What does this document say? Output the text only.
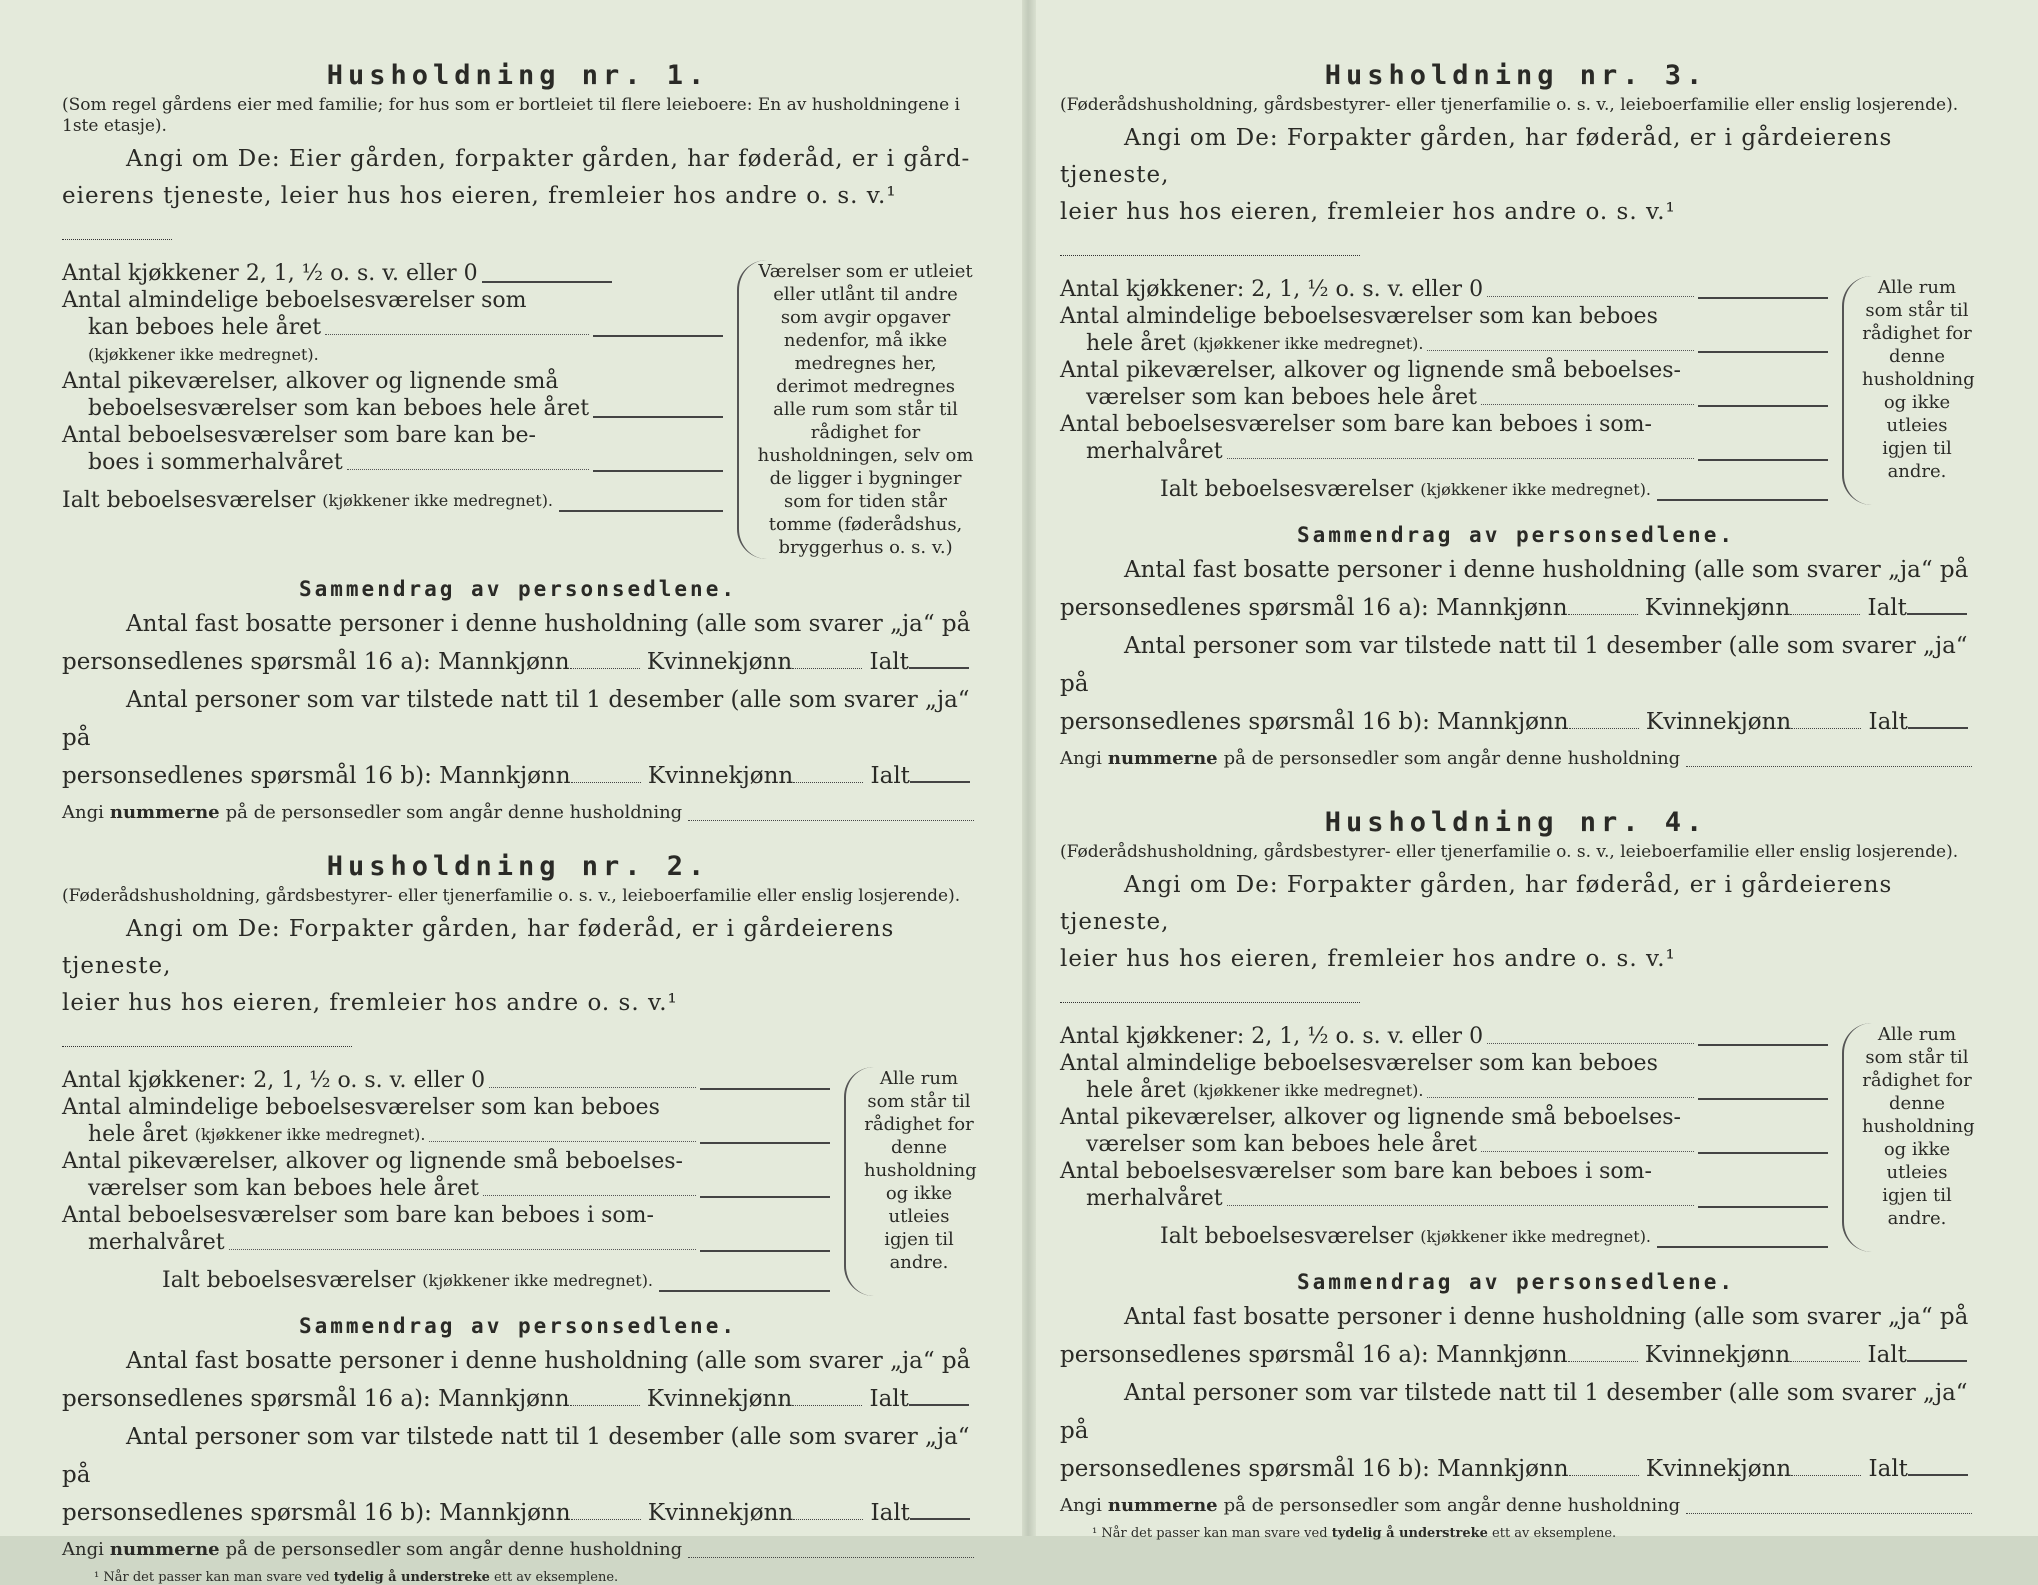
Husholdning nr. 1.

(Som regel gårdens eier med familie; for hus som er bortleiet til flere leieboere: En av husholdningene i 1ste etasje).

Angi om De: Eier gården, forpakter gården, har føderåd, er i gård-
eierens tjeneste, leier hus hos eieren, fremleier hos andre o. s. v.¹

Antal kjøkkener 2, 1, ½ o. s. v. eller 0
Antal almindelige beboelsesværelser som
kan beboes hele året
(kjøkkener ikke medregnet).
Antal pikeværelser, alkover og lignende små
beboelsesværelser som kan beboes hele året
Antal beboelsesværelser som bare kan be-
boes i sommerhalvåret
Ialt beboelsesværelser
(kjøkkener ikke medregnet).
Værelser som er utleiet eller utlånt til andre som avgir opgaver nedenfor, må ikke medregnes her, derimot medregnes alle rum som står til rådighet for husholdningen, selv om de ligger i bygninger som for tiden står tomme (føderådshus, bryggerhus o. s. v.)

Sammendrag av personsedlene.

Antal fast bosatte personer i denne husholdning (alle som svarer „ja“ på
personsedlenes spørsmål 16 a): Mannkjønn	Kvinnekjønn	Ialt

Antal personer som var tilstede natt til 1 desember (alle som svarer „ja“ på
personsedlenes spørsmål 16 b): Mannkjønn	Kvinnekjønn	Ialt

Angi nummerne på de personsedler som angår denne husholdning

Husholdning nr. 2.

(Føderådshusholdning, gårdsbestyrer- eller tjenerfamilie o. s. v., leieboerfamilie eller enslig losjerende).

Angi om De: Forpakter gården, har føderåd, er i gårdeierens tjeneste,
leier hus hos eieren, fremleier hos andre o. s. v.¹

Antal kjøkkener: 2, 1, ½ o. s. v. eller 0
Antal almindelige beboelsesværelser som kan beboes
hele året
(kjøkkener ikke medregnet).
Antal pikeværelser, alkover og lignende små beboelses-
værelser som kan beboes hele året
Antal beboelsesværelser som bare kan beboes i som-
merhalvåret
Ialt beboelsesværelser
(kjøkkener ikke medregnet).
Alle rum som står til rådighet for denne husholdning og ikke utleies igjen til andre.

Sammendrag av personsedlene.

Antal fast bosatte personer i denne husholdning (alle som svarer „ja“ på
personsedlenes spørsmål 16 a): Mannkjønn	Kvinnekjønn	Ialt

Antal personer som var tilstede natt til 1 desember (alle som svarer „ja“ på
personsedlenes spørsmål 16 b): Mannkjønn	Kvinnekjønn	Ialt

Angi nummerne på de personsedler som angår denne husholdning

¹ Når det passer kan man svare ved tydelig å understreke ett av eksemplene.

Husholdning nr. 3.

(Føderådshusholdning, gårdsbestyrer- eller tjenerfamilie o. s. v., leieboerfamilie eller enslig losjerende).

Angi om De: Forpakter gården, har føderåd, er i gårdeierens tjeneste,
leier hus hos eieren, fremleier hos andre o. s. v.¹

Antal kjøkkener: 2, 1, ½ o. s. v. eller 0
Antal almindelige beboelsesværelser som kan beboes
hele året
(kjøkkener ikke medregnet).
Antal pikeværelser, alkover og lignende små beboelses-
værelser som kan beboes hele året
Antal beboelsesværelser som bare kan beboes i som-
merhalvåret
Ialt beboelsesværelser
(kjøkkener ikke medregnet).
Alle rum som står til rådighet for denne husholdning og ikke utleies igjen til andre.

Sammendrag av personsedlene.

Antal fast bosatte personer i denne husholdning (alle som svarer „ja“ på
personsedlenes spørsmål 16 a): Mannkjønn	Kvinnekjønn	Ialt

Antal personer som var tilstede natt til 1 desember (alle som svarer „ja“ på
personsedlenes spørsmål 16 b): Mannkjønn	Kvinnekjønn	Ialt

Angi nummerne på de personsedler som angår denne husholdning

Husholdning nr. 4.

(Føderådshusholdning, gårdsbestyrer- eller tjenerfamilie o. s. v., leieboerfamilie eller enslig losjerende).

Angi om De: Forpakter gården, har føderåd, er i gårdeierens tjeneste,
leier hus hos eieren, fremleier hos andre o. s. v.¹

Antal kjøkkener: 2, 1, ½ o. s. v. eller 0
Antal almindelige beboelsesværelser som kan beboes
hele året
(kjøkkener ikke medregnet).
Antal pikeværelser, alkover og lignende små beboelses-
værelser som kan beboes hele året
Antal beboelsesværelser som bare kan beboes i som-
merhalvåret
Ialt beboelsesværelser
(kjøkkener ikke medregnet).
Alle rum som står til rådighet for denne husholdning og ikke utleies igjen til andre.

Sammendrag av personsedlene.

Antal fast bosatte personer i denne husholdning (alle som svarer „ja“ på
personsedlenes spørsmål 16 a): Mannkjønn	Kvinnekjønn	Ialt

Antal personer som var tilstede natt til 1 desember (alle som svarer „ja“ på
personsedlenes spørsmål 16 b): Mannkjønn	Kvinnekjønn	Ialt

Angi nummerne på de personsedler som angår denne husholdning

¹ Når det passer kan man svare ved tydelig å understreke ett av eksemplene.
